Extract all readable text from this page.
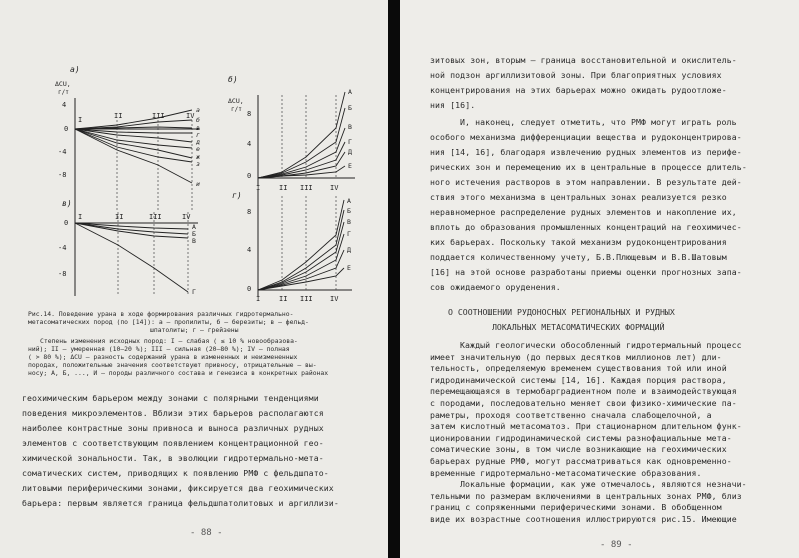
а)
ΔCU,
г/т
4
0
-4
-8
I	II	III	IV
а
б
в
г
д
е
ж
з
и
б)
ΔCU,
г/т
8
4
0
I	II III IV
А
Б
В
Г
Д
Е
в)
0
-4
-8
I	II	III	IV
А
Б
В
Г
г)
8
4
0
I	II III IV
А
Б
В
Г
Д
Е
Рис.14. Поведение урана в ходе формирования различных гидротермально-
метасоматических пород (по [14]): а – пропилиты, б – березиты; в – фельд-
шпатолиты; г – грейзены
Степень изменения исходных пород: I – слабая ( ≤ 10 % новообразова-
ний); II – умеренная (10–20 %); III – сильная (20–80 %); IV – полная
( > 80 %); ΔCU – разность содержаний урана в измененных и неизмененных
породах, положительные значения соответствуют привносу, отрицательные – вы-
носу; А, Б, ..., И – породы различного состава и генезиса в конкретных районах
геохимическим барьером между зонами с полярными тенденциями
поведения микроэлементов. Вблизи этих барьеров располагаются
наиболее контрастные зоны привноса и выноса различных рудных
элементов с соответствующим появлением концентрационной гео-
химической зональности. Так, в эволюции гидротермально-мета-
соматических систем, приводящих к появлению РМФ с фельдшпато-
литовыми периферическими зонами, фиксируется два геохимических
барьера: первым является граница фельдшпатолитовых и аргиллизи-
- 88 -
зитовых зон, вторым – граница восстановительной и окислитель-
ной подзон аргиллизитовой зоны. При благоприятных условиях
концентрирования на этих барьерах можно ожидать рудоотложе-
ния [16].
И, наконец, следует отметить, что РМФ могут играть роль
особого механизма дифференциации вещества и рудоконцентрирова-
ния [14, 16], благодаря извлечению рудных элементов из перифе-
рических зон и перемещению их в центральные в процессе длитель-
ного истечения растворов в этом направлении. В результате дей-
ствия этого механизма в центральных зонах реализуется резко
неравномерное распределение рудных элементов и накопление их,
вплоть до образования промышленных концентраций на геохимичес-
ких барьерах. Поскольку такой механизм рудоконцентрирования
поддается количественному учету, Б.В.Плющевым и В.В.Шатовым
[16] на этой основе разработаны приемы оценки прогнозных запа-
сов ожидаемого оруденения.
О СООТНОШЕНИИ РУДОНОСНЫХ РЕГИОНАЛЬНЫХ И РУДНЫХ
ЛОКАЛЬНЫХ МЕТАСОМАТИЧЕСКИХ ФОРМАЦИЙ
Каждый геологически обособленный гидротермальный процесс
имеет значительную (до первых десятков миллионов лет) дли-
тельность, определяемую временем существования той или иной
гидродинамической системы [14, 16]. Каждая порция раствора,
перемещающаяся в термобарградиентном поле и взаимодействующая
с породами, последовательно меняет свои физико-химические па-
раметры, проходя соответственно сначала слабощелочной, а
затем кислотный метасоматоз. При стационарном длительном функ-
ционировании гидродинамической системы разнофациальные мета-
соматические зоны, в том числе возникающие на геохимических
барьерах рудные РМФ, могут рассматриваться как одновременно-
временные гидротермально-метасоматические образования.
- 89 -
Локальные формации, как уже отмечалось, являются незначи-
тельными по размерам включениями в центральных зонах РМФ, близ
границ с сопряженными периферическими зонами. В обобщенном
виде их возрастные соотношения иллюстрируются рис.15. Имеющие
